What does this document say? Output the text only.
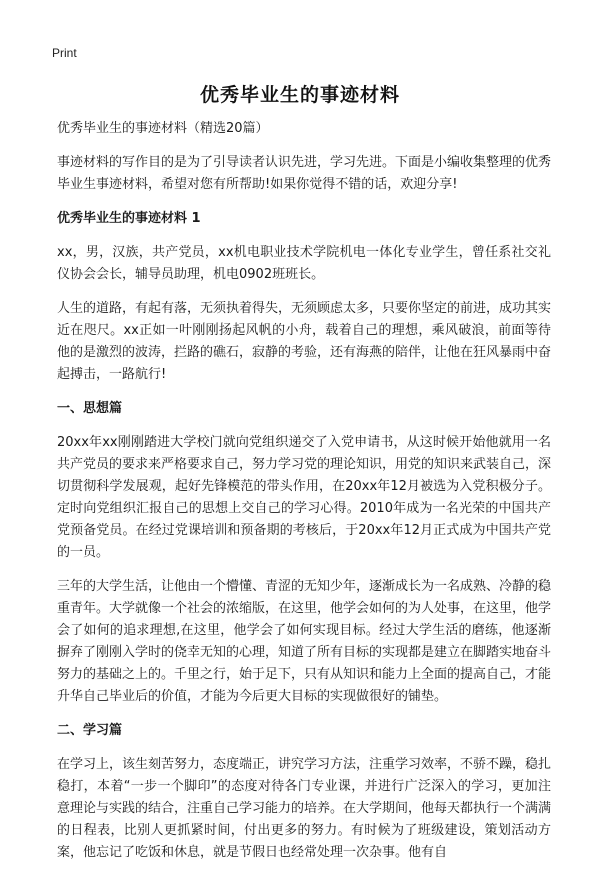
Print
优秀毕业生的事迹材料

优秀毕业生的事迹材料（精选20篇）

事迹材料的写作目的是为了引导读者认识先进，学习先进。下面是小编收集整理的优秀毕业生事迹材料，希望对您有所帮助!如果你觉得不错的话，欢迎分享!

优秀毕业生的事迹材料 1

xx，男，汉族，共产党员，xx机电职业技术学院机电一体化专业学生，曾任系社交礼仪协会会长，辅导员助理，机电0902班班长。

人生的道路，有起有落，无须执着得失，无须顾虑太多，只要你坚定的前进，成功其实近在咫尺。xx正如一叶刚刚扬起风帆的小舟，载着自己的理想，乘风破浪，前面等待他的是激烈的波涛，拦路的礁石，寂静的考验，还有海燕的陪伴，让他在狂风暴雨中奋起搏击，一路航行!

一、思想篇

20xx年xx刚刚踏进大学校门就向党组织递交了入党申请书，从这时候开始他就用一名共产党员的要求来严格要求自己，努力学习党的理论知识，用党的知识来武装自己，深切贯彻科学发展观，起好先锋模范的带头作用，在20xx年12月被选为入党积极分子。定时向党组织汇报自己的思想上交自己的学习心得。2010年成为一名光荣的中国共产党预备党员。在经过党课培训和预备期的考核后，于20xx年12月正式成为中国共产党的一员。

三年的大学生活，让他由一个懵懂、青涩的无知少年，逐渐成长为一名成熟、冷静的稳重青年。大学就像一个社会的浓缩版，在这里，他学会如何的为人处事，在这里，他学会了如何的追求理想,在这里，他学会了如何实现目标。经过大学生活的磨练，他逐渐摒弃了刚刚入学时的侥幸无知的心理，知道了所有目标的实现都是建立在脚踏实地奋斗努力的基础之上的。千里之行，始于足下，只有从知识和能力上全面的提高自己，才能升华自己毕业后的价值，才能为今后更大目标的实现做很好的铺垫。

二、学习篇

在学习上，该生刻苦努力，态度端正，讲究学习方法，注重学习效率，不骄不躁，稳扎稳打，本着“一步一个脚印”的态度对待各门专业课，并进行广泛深入的学习，更加注意理论与实践的结合，注重自己学习能力的培养。在大学期间，他每天都执行一个满满的日程表，比别人更抓紧时间，付出更多的努力。有时候为了班级建设，策划活动方案，他忘记了吃饭和休息，就是节假日也经常处理一次杂事。他有自
